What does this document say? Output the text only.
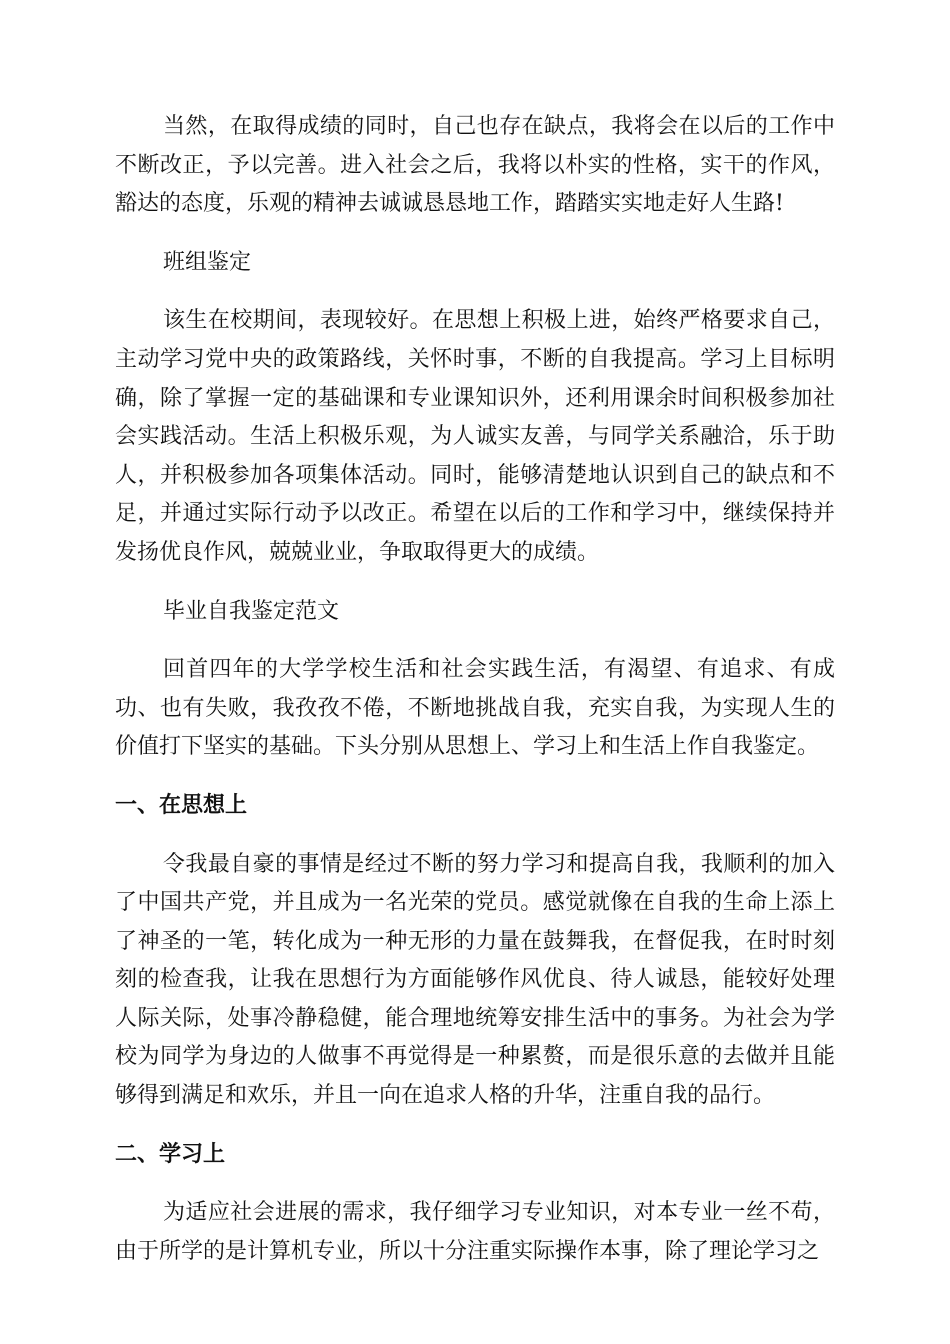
当然，在取得成绩的同时，自己也存在缺点，我将会在以后的工作中不断改正，予以完善。进入社会之后，我将以朴实的性格，实干的作风，豁达的态度，乐观的精神去诚诚恳恳地工作，踏踏实实地走好人生路!

班组鉴定

该生在校期间，表现较好。在思想上积极上进，始终严格要求自己，主动学习党中央的政策路线，关怀时事，不断的自我提高。学习上目标明确，除了掌握一定的基础课和专业课知识外，还利用课余时间积极参加社会实践活动。生活上积极乐观，为人诚实友善，与同学关系融洽，乐于助人，并积极参加各项集体活动。同时，能够清楚地认识到自己的缺点和不足，并通过实际行动予以改正。希望在以后的工作和学习中，继续保持并发扬优良作风，兢兢业业，争取取得更大的成绩。

毕业自我鉴定范文

回首四年的大学学校生活和社会实践生活，有渴望、有追求、有成功、也有失败，我孜孜不倦，不断地挑战自我，充实自我，为实现人生的价值打下坚实的基础。下头分别从思想上、学习上和生活上作自我鉴定。

一、在思想上

令我最自豪的事情是经过不断的努力学习和提高自我，我顺利的加入了中国共产党，并且成为一名光荣的党员。感觉就像在自我的生命上添上了神圣的一笔，转化成为一种无形的力量在鼓舞我，在督促我，在时时刻刻的检查我，让我在思想行为方面能够作风优良、待人诚恳，能较好处理人际关际，处事冷静稳健，能合理地统筹安排生活中的事务。为社会为学校为同学为身边的人做事不再觉得是一种累赘，而是很乐意的去做并且能够得到满足和欢乐，并且一向在追求人格的升华，注重自我的品行。

二、学习上

为适应社会进展的需求，我仔细学习专业知识，对本专业一丝不苟，由于所学的是计算机专业，所以十分注重实际操作本事，除了理论学习之
